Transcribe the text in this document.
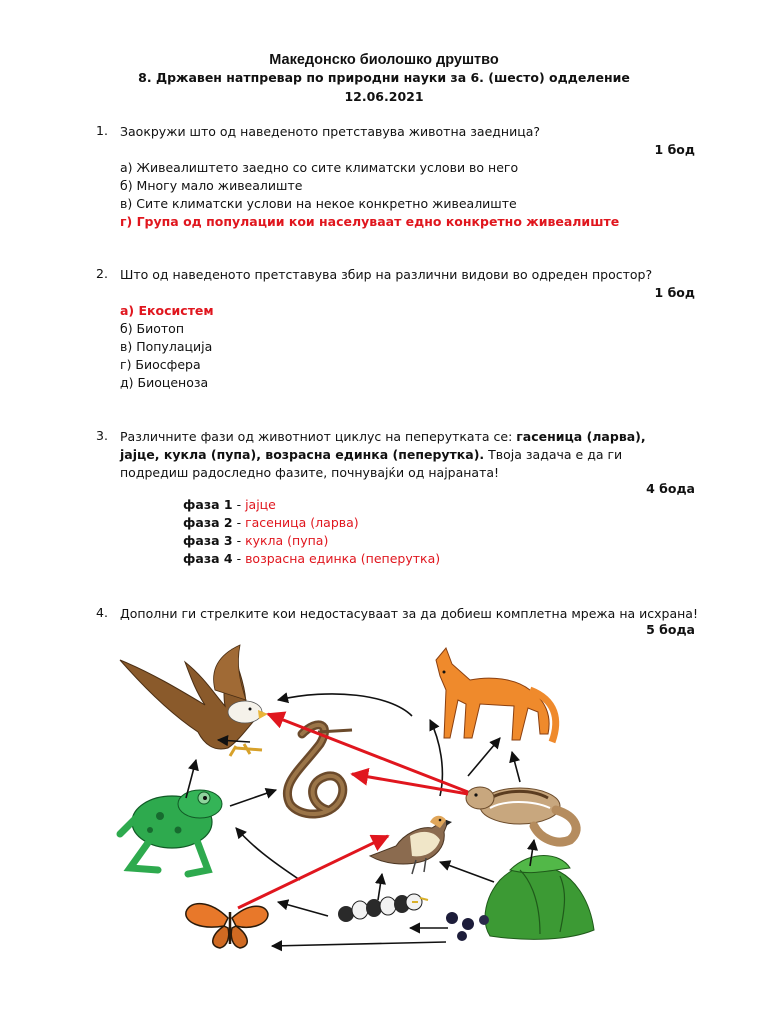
Македонско биолошко друштво
8. Државен натпревар по природни науки за 6. (шесто) одделение
12.06.2021
1. Заокружи што од наведеното претставува животна заедница?
1 бод
а) Живеалиштето заедно со сите климатски услови во него
б) Многу мало живеалиште
в) Сите климатски услови на некое конкретно живеалиште
г) Група од популации кои населуваат едно конкретно живеалиште
2. Што од наведеното претставува збир на различни видови во одреден простор?
1 бод
а) Екосистем
б) Биотоп
в) Популација
г) Биосфера
д) Биоценоза
3. Различните фази од животниот циклус на пеперутката се: гасеница (ларва), јајце, кукла (пупа), возрасна единка (пеперутка). Твоја задача е да ги подредиш радоследно фазите, почнувајќи од најраната!
4 бода
фаза 1 - јајце
фаза 2 - гасеница (ларва)
фаза 3 - кукла (пупа)
фаза 4 - возрасна единка (пеперутка)
4. Дополни ги стрелките кои недостасуваат за да добиеш комплетна мрежа на исхрана!
5 бода
